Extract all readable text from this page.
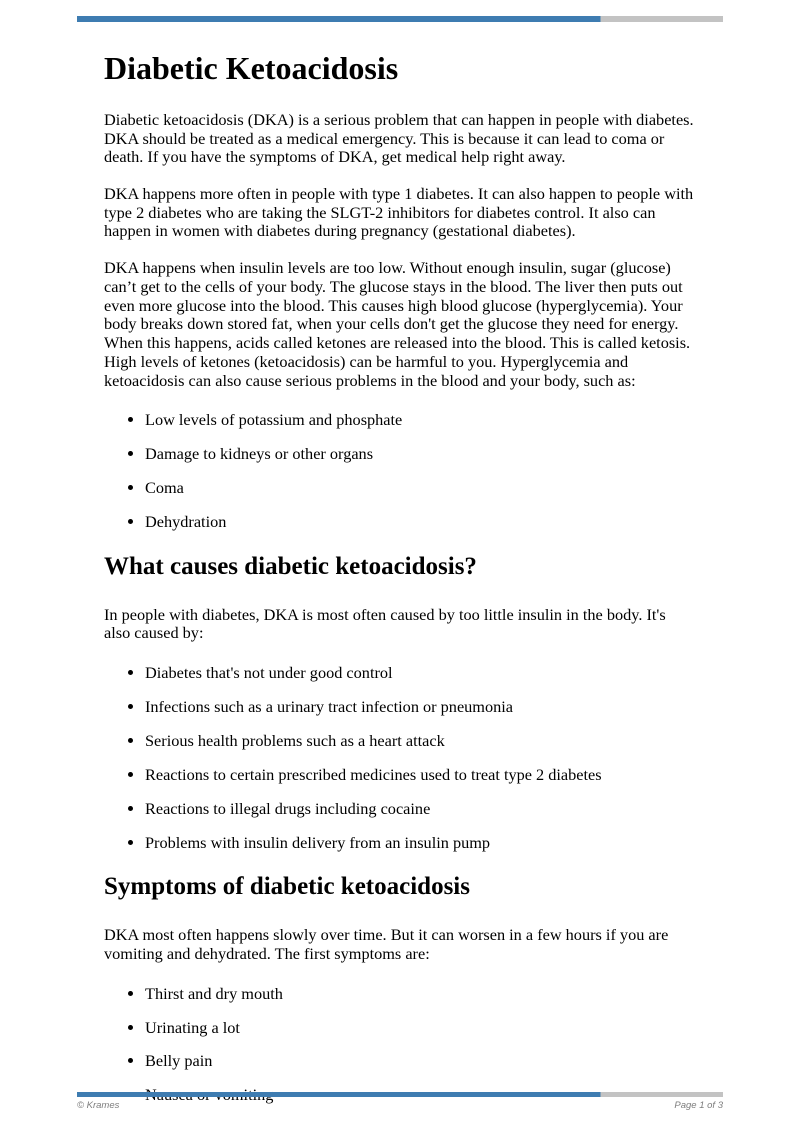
Diabetic Ketoacidosis

Diabetic ketoacidosis (DKA) is a serious problem that can happen in people with diabetes. DKA should be treated as a medical emergency. This is because it can lead to coma or death. If you have the symptoms of DKA, get medical help right away.

DKA happens more often in people with type 1 diabetes. It can also happen to people with type 2 diabetes who are taking the SLGT-2 inhibitors for diabetes control. It also can happen in women with diabetes during pregnancy (gestational diabetes).

DKA happens when insulin levels are too low. Without enough insulin, sugar (glucose) can’t get to the cells of your body. The glucose stays in the blood. The liver then puts out even more glucose into the blood. This causes high blood glucose (hyperglycemia). Your body breaks down stored fat, when your cells don't get the glucose they need for energy. When this happens, acids called ketones are released into the blood. This is called ketosis. High levels of ketones (ketoacidosis) can be harmful to you. Hyperglycemia and ketoacidosis can also cause serious problems in the blood and your body, such as:

• Low levels of potassium and phosphate
• Damage to kidneys or other organs
• Coma
• Dehydration
What causes diabetic ketoacidosis?

In people with diabetes, DKA is most often caused by too little insulin in the body. It's also caused by:

• Diabetes that's not under good control
• Infections such as a urinary tract infection or pneumonia
• Serious health problems such as a heart attack
• Reactions to certain prescribed medicines used to treat type 2 diabetes
• Reactions to illegal drugs including cocaine
• Problems with insulin delivery from an insulin pump
Symptoms of diabetic ketoacidosis

DKA most often happens slowly over time. But it can worsen in a few hours if you are vomiting and dehydrated. The first symptoms are:

• Thirst and dry mouth
• Urinating a lot
• Belly pain
•
© Krames	Page 1 of 3
